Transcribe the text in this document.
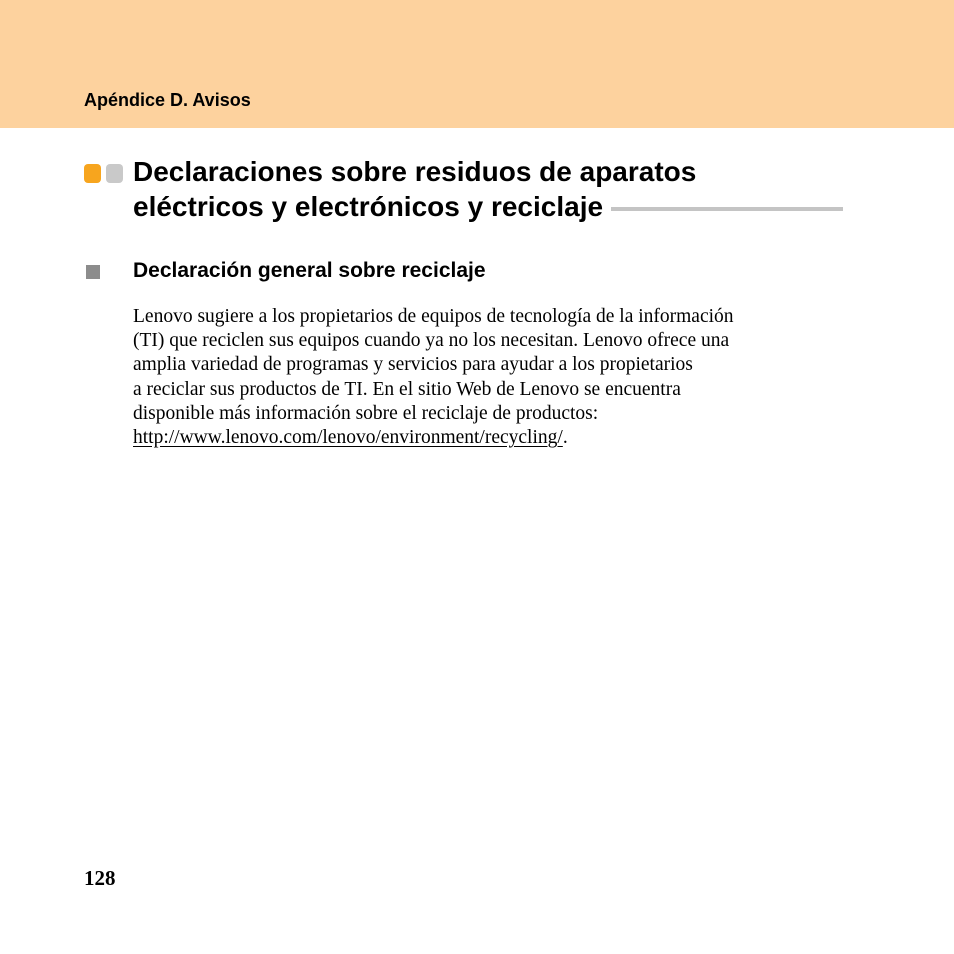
Apéndice D. Avisos
Declaraciones sobre residuos de aparatos
eléctricos y electrónicos y reciclaje
Declaración general sobre reciclaje
Lenovo sugiere a los propietarios de equipos de tecnología de la información
(TI) que reciclen sus equipos cuando ya no los necesitan. Lenovo ofrece una
amplia variedad de programas y servicios para ayudar a los propietarios
a reciclar sus productos de TI. En el sitio Web de Lenovo se encuentra
disponible más información sobre el reciclaje de productos:
http://www.lenovo.com/lenovo/environment/recycling/.
128
